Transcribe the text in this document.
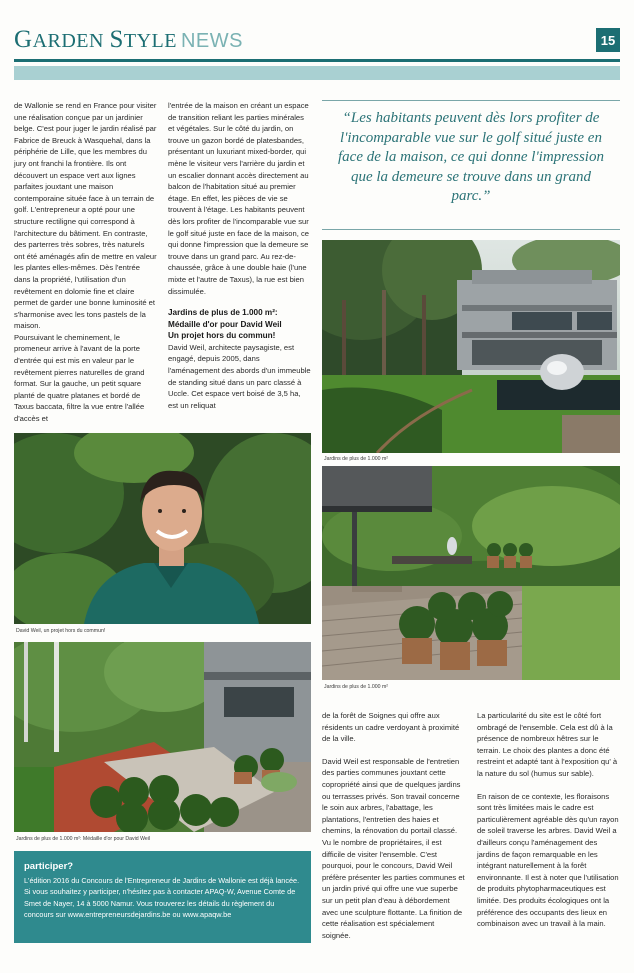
GARDEN STYLE NEWS	15

de Wallonie se rend en France pour visiter une réalisation conçue par un jardinier belge. C'est pour juger le jardin réalisé par Fabrice de Breuck à Wasquehal, dans la périphérie de Lille, que les membres du jury ont franchi la frontière. Ils ont découvert un espace vert aux lignes parfaites jouxtant une maison contemporaine située face à un terrain de golf. L'entrepreneur a opté pour une structure rectiligne qui correspond à l'architecture du bâtiment. En contraste, des parterres très sobres, très naturels ont été aménagés afin de mettre en valeur les plantes elles-mêmes. Dès l'entrée dans la propriété, l'utilisation d'un revêtement en dolomie fine et claire permet de garder une bonne luminosité et s'harmonise avec les tons pastels de la maison.

Poursuivant le cheminement, le promeneur arrive à l'avant de la porte d'entrée qui est mis en valeur par le revêtement pierres naturelles de grand format. Sur la gauche, un petit square planté de quatre platanes et bordé de Taxus baccata, filtre la vue entre l'allée d'accès et

l'entrée de la maison en créant un espace de transition reliant les parties minérales et végétales. Sur le côté du jardin, on trouve un gazon bordé de platesbandes, présentant un luxuriant mixed-border, qui mène le visiteur vers l'arrière du jardin et un escalier donnant accès directement au balcon de l'habitation situé au premier étage. En effet, les pièces de vie se trouvent à l'étage. Les habitants peuvent dès lors profiter de l'incomparable vue sur le golf situé juste en face de la maison, ce qui donne l'impression que la demeure se trouve dans un grand parc. Au rez-de-chaussée, grâce à une double haie (l'une mixte et l'autre de Taxus), la rue est bien dissimulée.

Jardins de plus de 1.000 m²:
Médaille d'or pour David Weil
Un projet hors du commun!

David Weil, architecte paysagiste, est engagé, depuis 2005, dans l'aménagement des abords d'un immeuble de standing situé dans un parc classé à Uccle. Cet espace vert boisé de 3,5 ha, est un reliquat

“Les habitants peuvent dès lors profiter de l'incomparable vue sur le golf situé juste en face de la maison, ce qui donne l'impression que la demeure se trouve dans un grand parc.”
Jardins de plus de 1.000 m²
Jardins de plus de 1.000 m²
David Weil, un projet hors du commun!
Jardins de plus de 1.000 m²: Médaille d'or pour David Weil

de la forêt de Soignes qui offre aux résidents un cadre verdoyant à proximité de la ville.

David Weil est responsable de l'entretien des parties communes jouxtant cette copropriété ainsi que de quelques jardins ou terrasses privés. Son travail concerne le soin aux arbres, l'abattage, les plantations, l'entretien des haies et chemins, la rénovation du portail classé. Vu le nombre de propriétaires, il est difficile de visiter l'ensemble. C'est pourquoi, pour le concours, David Weil préfère présenter les parties communes et un jardin privé qui offre une vue superbe sur un petit plan d'eau à débordement avec une sculpture flottante. La finition de cette réalisation est spécialement soignée.

La particularité du site est le côté fort ombragé de l'ensemble. Cela est dû à la présence de nombreux hêtres sur le terrain. Le choix des plantes a donc été restreint et adapté tant à l'exposition qu' à la nature du sol (humus sur sable).

En raison de ce contexte, les floraisons sont très limitées mais le cadre est particulièrement agréable dès qu'un rayon de soleil traverse les arbres. David Weil a d'ailleurs conçu l'aménagement des jardins de façon remarquable en les intégrant naturellement à la forêt environnante. Il est à noter que l'utilisation de produits phytopharmaceutiques est limitée. Des produits écologiques ont la préférence des occupants des lieux en combinaison avec un travail à la main.

participer?

L'édition 2016 du Concours de l'Entrepreneur de Jardins de Wallonie est déjà lancée. Si vous souhaitez y participer, n'hésitez pas à contacter APAQ-W, Avenue Comte de Smet de Nayer, 14 à 5000 Namur. Vous trouverez les détails du règlement du concours sur www.entrepreneursdejardins.be ou www.apaqw.be
